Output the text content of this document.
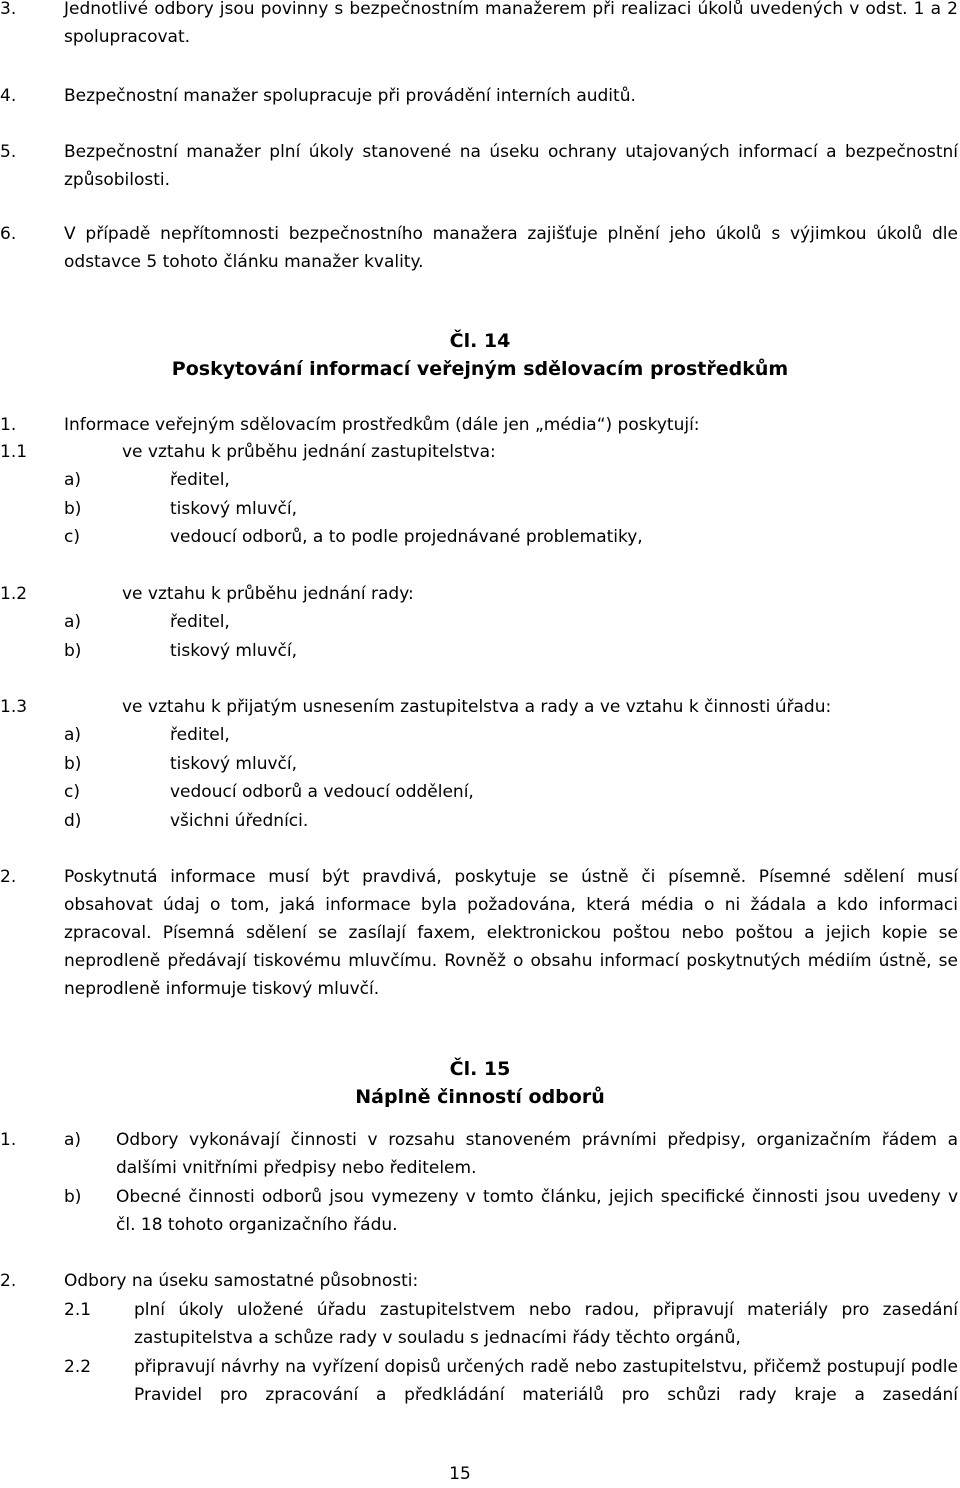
3.	Jednotlivé odbory jsou povinny s bezpečnostním manažerem při realizaci úkolů uvedených v odst. 1 a 2 spolupracovat.
4.	Bezpečnostní manažer spolupracuje při provádění interních auditů.
5.	Bezpečnostní manažer plní úkoly stanovené na úseku ochrany utajovaných informací a bezpečnostní způsobilosti.
6.	V případě nepřítomnosti bezpečnostního manažera zajišťuje plnění jeho úkolů s výjimkou úkolů dle odstavce 5 tohoto článku manažer kvality.
Čl. 14
Poskytování informací veřejným sdělovacím prostředkům
1.	Informace veřejným sdělovacím prostředkům (dále jen „média“) poskytují:
1.1	ve vztahu k průběhu jednání zastupitelstva:
a)	ředitel,
b)	tiskový mluvčí,
c)	vedoucí odborů, a to podle projednávané problematiky,
1.2	ve vztahu k průběhu jednání rady:
a)	ředitel,
b)	tiskový mluvčí,
1.3	ve vztahu k přijatým usnesením zastupitelstva a rady a ve vztahu k činnosti úřadu:
a)	ředitel,
b)	tiskový mluvčí,
c)	vedoucí odborů a vedoucí oddělení,
d)	všichni úředníci.
2.	Poskytnutá informace musí být pravdivá, poskytuje se ústně či písemně. Písemné sdělení musí obsahovat údaj o tom, jaká informace byla požadována, která média o ni žádala a kdo informaci zpracoval. Písemná sdělení se zasílají faxem, elektronickou poštou nebo poštou a jejich kopie se neprodleně předávají tiskovému mluvčímu. Rovněž o obsahu informací poskytnutých médiím ústně, se neprodleně informuje tiskový mluvčí.
Čl. 15
Náplně činností odborů
1.	a) Odbory vykonávají činnosti v rozsahu stanoveném právními předpisy, organizačním řádem a dalšími vnitřními předpisy nebo ředitelem.
b) Obecné činnosti odborů jsou vymezeny v tomto článku, jejich specifické činnosti jsou uvedeny v čl. 18 tohoto organizačního řádu.
2.	Odbory na úseku samostatné působnosti:
2.1	plní úkoly uložené úřadu zastupitelstvem nebo radou, připravují materiály pro zasedání zastupitelstva a schůze rady v souladu s jednacími řády těchto orgánů,
2.2	připravují návrhy na vyřízení dopisů určených radě nebo zastupitelstvu, přičemž postupují podle Pravidel pro zpracování a předkládání materiálů pro schůzi rady kraje a zasedání
15
